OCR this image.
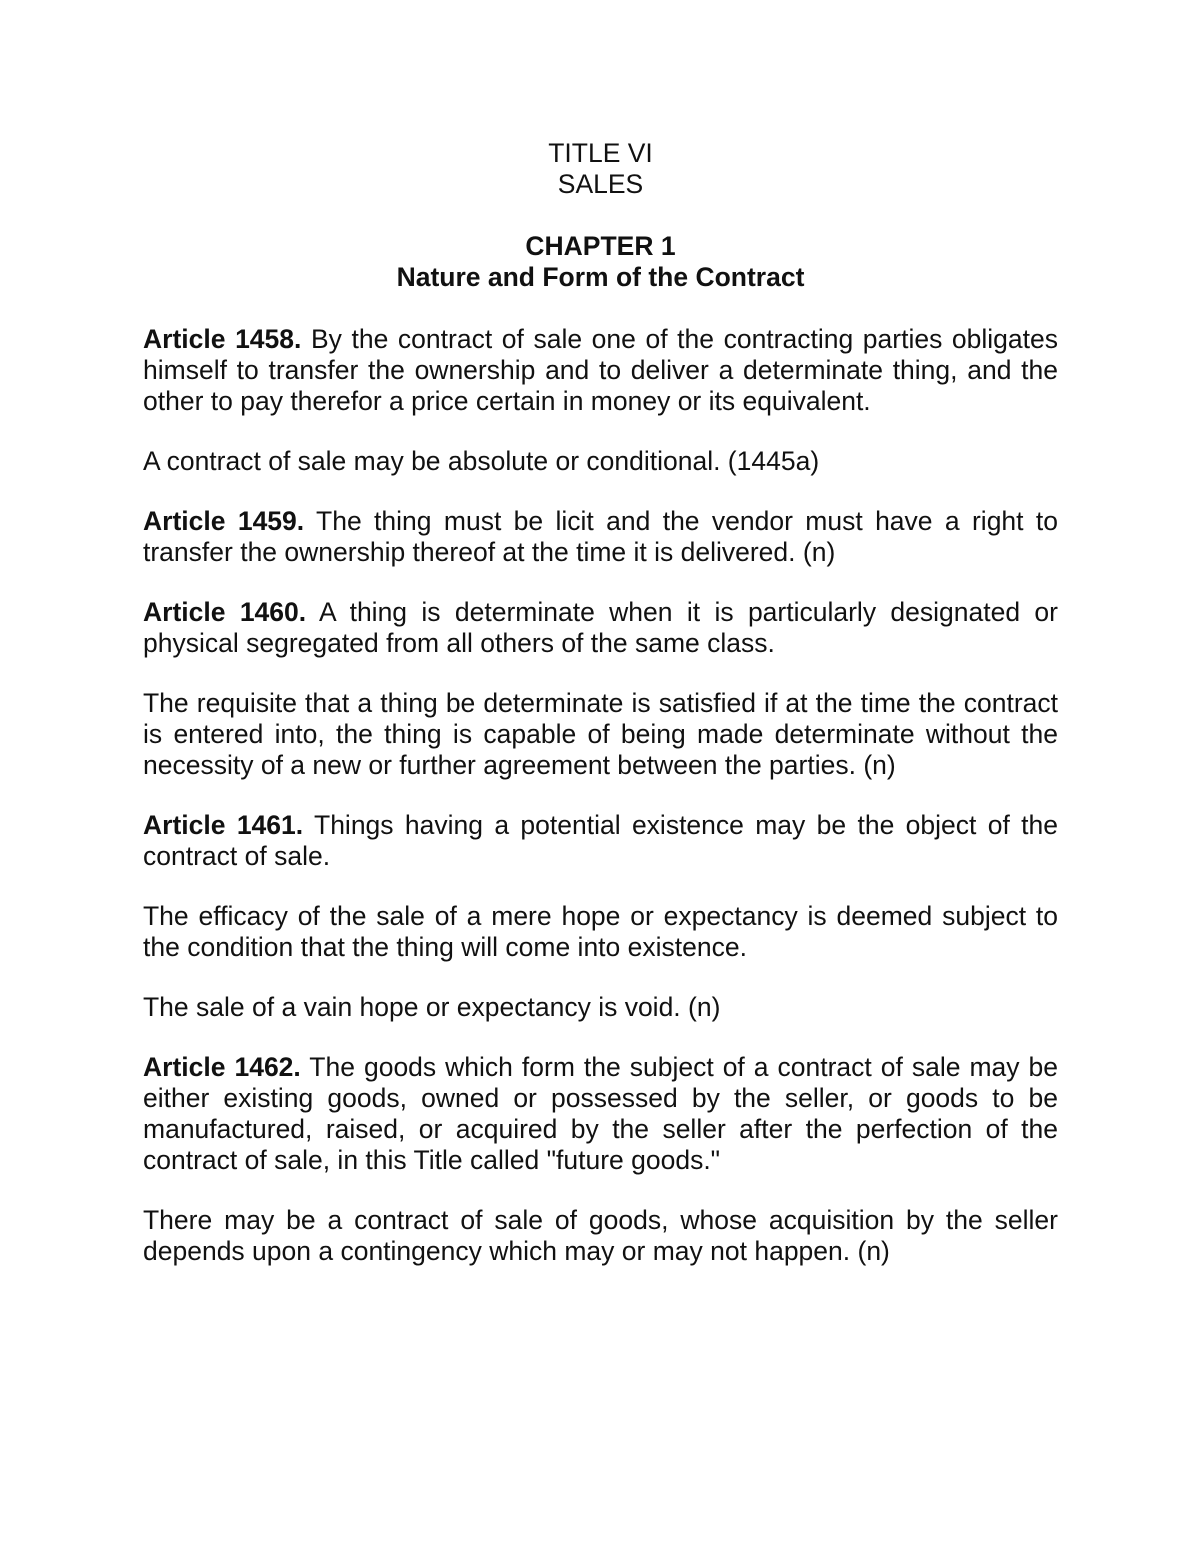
TITLE VI
SALES
CHAPTER 1
Nature and Form of the Contract

Article 1458. By the contract of sale one of the contracting parties obligates himself to transfer the ownership and to deliver a determinate thing, and the other to pay therefor a price certain in money or its equivalent.

A contract of sale may be absolute or conditional. (1445a)

Article 1459. The thing must be licit and the vendor must have a right to transfer the ownership thereof at the time it is delivered. (n)

Article 1460. A thing is determinate when it is particularly designated or physical segregated from all others of the same class.

The requisite that a thing be determinate is satisfied if at the time the contract is entered into, the thing is capable of being made determinate without the necessity of a new or further agreement between the parties. (n)

Article 1461. Things having a potential existence may be the object of the contract of sale.

The efficacy of the sale of a mere hope or expectancy is deemed subject to the condition that the thing will come into existence.

The sale of a vain hope or expectancy is void. (n)

Article 1462. The goods which form the subject of a contract of sale may be either existing goods, owned or possessed by the seller, or goods to be manufactured, raised, or acquired by the seller after the perfection of the contract of sale, in this Title called "future goods."

There may be a contract of sale of goods, whose acquisition by the seller depends upon a contingency which may or may not happen. (n)
